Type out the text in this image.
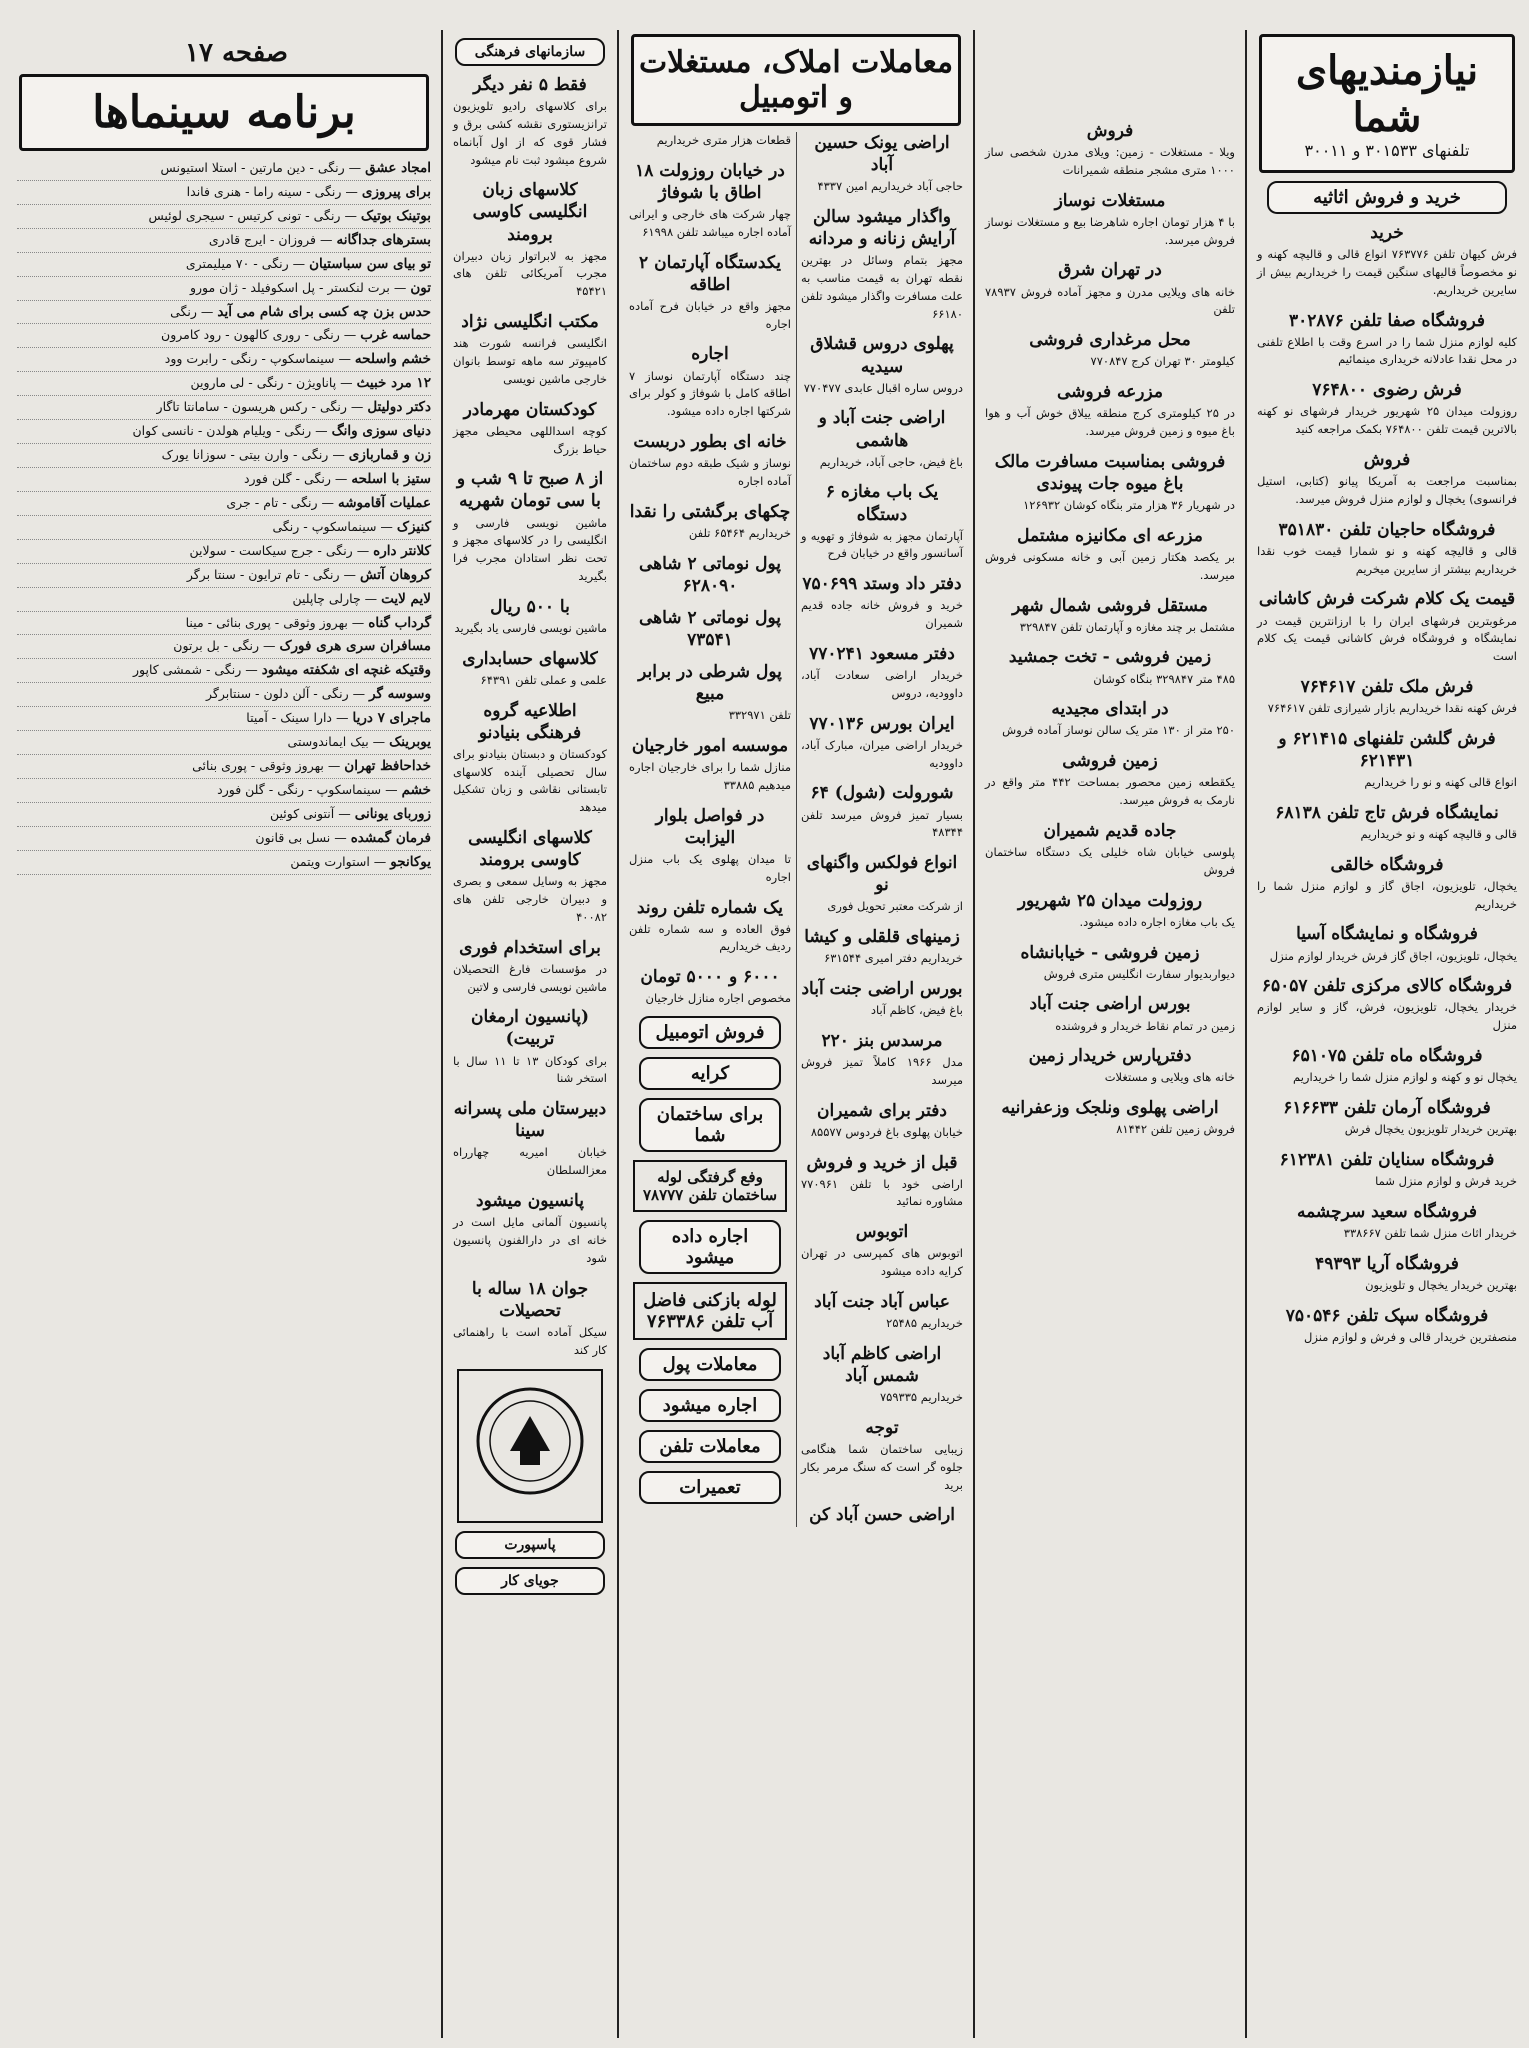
صفحه ۱۷	نیازمندیهای شما
تلفنهای ۳۰۱۵۳۳ و ۳۰۰۱۱
خرید و فروش اثاثیه
خرید

فرش کیهان تلفن ۷۶۳۷۷۶ انواع قالی و قالیچه کهنه و نو مخصوصاً قالیهای سنگین قیمت را خریداریم بیش از سایرین خریداریم.

فروشگاه صفا تلفن ۳۰۲۸۷۶

کلیه لوازم منزل شما را در اسرع وقت با اطلاع تلفنی در محل نقدا عادلانه خریداری مینمائیم

فرش رضوی ۷۶۴۸۰۰

روزولت میدان ۲۵ شهریور خریدار فرشهای نو کهنه بالاترین قیمت تلفن ۷۶۴۸۰۰ بکمک مراجعه کنید

فروش

بمناسبت مراجعت به آمریکا پیانو (کتابی، استیل فرانسوی) یخچال و لوازم منزل فروش میرسد.

فروشگاه حاجیان تلفن ۳۵۱۸۳۰

قالی و قالیچه کهنه و نو شمارا قیمت خوب نقدا خریداریم بیشتر از سایرین میخریم

قیمت یک کلام شرکت فرش کاشانی

مرغوبترین فرشهای ایران را با ارزانترین قیمت در نمایشگاه و فروشگاه فرش کاشانی قیمت یک کلام است

فرش ملک تلفن ۷۶۴۶۱۷

فرش کهنه نقدا خریداریم بازار شیرازی تلفن ۷۶۴۶۱۷

فرش گلشن تلفنهای ۶۲۱۴۱۵ و ۶۲۱۴۳۱

انواع قالی کهنه و نو را خریداریم

نمایشگاه فرش تاج تلفن ۶۸۱۳۸

قالی و قالیچه کهنه و نو خریداریم

فروشگاه خالقی

یخچال، تلویزیون، اجاق گاز و لوازم منزل شما را خریداریم

فروشگاه و نمایشگاه آسیا

یخچال، تلویزیون، اجاق گاز فرش خریدار لوازم منزل

فروشگاه کالای مرکزی تلفن ۶۵۰۵۷

خریدار یخچال، تلویزیون، فرش، گاز و سایر لوازم منزل

فروشگاه ماه تلفن ۶۵۱۰۷۵

یخچال نو و کهنه و لوازم منزل شما را خریداریم

فروشگاه آرمان تلفن ۶۱۶۶۳۳

بهترین خریدار تلویزیون یخچال فرش

فروشگاه سنایان تلفن ۶۱۲۳۸۱

خرید فرش و لوازم منزل شما

فروشگاه سعید سرچشمه

خریدار اثاث منزل شما تلفن ۳۳۸۶۶۷

فروشگاه آریا ۴۹۳۹۳

بهترین خریدار یخچال و تلویزیون

فروشگاه سپک تلفن ۷۵۰۵۴۶

منصفترین خریدار قالی و فرش و لوازم منزل

فروش

ویلا - مستغلات - زمین: ویلای مدرن شخصی ساز ۱۰۰۰ متری مشجر منطقه شمیرانات

مستغلات نوساز

با ۴ هزار تومان اجاره شاهرضا بیع و مستغلات نوساز فروش میرسد.

در تهران شرق

خانه های ویلایی مدرن و مجهز آماده فروش ۷۸۹۳۷ تلفن

محل مرغداری فروشی

کیلومتر ۳۰ تهران کرج ۷۷۰۸۴۷

مزرعه فروشی

در ۲۵ کیلومتری کرج منطقه ییلاق خوش آب و هوا باغ میوه و زمین فروش میرسد.

فروشی بمناسبت مسافرت مالک باغ میوه جات پیوندی

در شهریار ۳۶ هزار متر بنگاه کوشان ۱۲۶۹۳۲

مزرعه ای مکانیزه مشتمل

بر یکصد هکتار زمین آبی و خانه مسکونی فروش میرسد.

مستقل فروشی شمال شهر

مشتمل بر چند مغازه و آپارتمان تلفن ۳۲۹۸۴۷

زمین فروشی - تخت جمشید

۴۸۵ متر ۳۲۹۸۴۷ بنگاه کوشان

در ابتدای مجیدیه

۲۵۰ متر از ۱۳۰ متر یک سالن نوساز آماده فروش

زمین فروشی

یکقطعه زمین محصور بمساحت ۴۴۲ متر واقع در نارمک به فروش میرسد.

جاده قدیم شمیران

پلوسی خیابان شاه خلیلی یک دستگاه ساختمان فروش

روزولت میدان ۲۵ شهریور

یک باب مغازه اجاره داده میشود.

زمین فروشی - خیابانشاه

دیواربدیوار سفارت انگلیس متری فروش

بورس اراضی جنت آباد

زمین در تمام نقاط خریدار و فروشنده

دفترپارس خریدار زمین

خانه های ویلایی و مستغلات

اراضی پهلوی ونلجک وزعفرانیه

فروش زمین تلفن ۸۱۴۴۲

معاملات املاک، مستغلات و اتومبیل
اراضی یونک حسین آباد

حاجی آباد خریداریم امین ۴۳۳۷

واگذار میشود سالن آرایش زنانه و مردانه

مجهز بتمام وسائل در بهترین نقطه تهران به قیمت مناسب به علت مسافرت واگذار میشود تلفن ۶۶۱۸۰

پهلوی دروس قشلاق سیدیه

دروس ساره اقبال عابدی ۷۷۰۴۷۷

اراضی جنت آباد و هاشمی

باغ فیض، حاجی آباد، خریداریم

یک باب مغازه ۶ دستگاه

آپارتمان مجهز به شوفاژ و تهویه و آسانسور واقع در خیابان فرح

دفتر داد وستد ۷۵۰۶۹۹

خرید و فروش خانه جاده قدیم شمیران

دفتر مسعود ۷۷۰۲۴۱

خریدار اراضی سعادت آباد، داوودیه، دروس

ایران بورس ۷۷۰۱۳۶

خریدار اراضی میران، مبارک آباد، داوودیه

شورولت (شول) ۶۴

بسیار تمیز فروش میرسد تلفن ۴۸۳۴۴

انواع فولکس واگنهای نو

از شرکت معتبر تحویل فوری

زمینهای قلقلی و کیشا

خریداریم دفتر امیری ۶۳۱۵۴۴

بورس اراضی جنت آباد

باغ فیض، کاظم آباد

مرسدس بنز ۲۲۰

مدل ۱۹۶۶ کاملاً تمیز فروش میرسد

دفتر برای شمیران

خیابان پهلوی باغ فردوس ۸۵۵۷۷

قبل از خرید و فروش

اراضی خود با تلفن ۷۷۰۹۶۱ مشاوره نمائید

اتوبوس

اتوبوس های کمپرسی در تهران کرایه داده میشود

عباس آباد جنت آباد

خریداریم ۲۵۴۸۵

اراضی کاظم آباد شمس آباد

خریداریم ۷۵۹۳۳۵

توجه

زیبایی ساختمان شما هنگامی جلوه گر است که سنگ مرمر بکار برید

اراضی حسن آباد کن

قطعات هزار متری خریداریم

در خیابان روزولت ۱۸ اطاق با شوفاژ

چهار شرکت های خارجی و ایرانی آماده اجاره میباشد تلفن ۶۱۹۹۸

یکدستگاه آپارتمان ۲ اطاقه

مجهز واقع در خیابان فرح آماده اجاره

اجاره

چند دستگاه آپارتمان نوساز ۷ اطاقه کامل با شوفاژ و کولر برای شرکتها اجاره داده میشود.

خانه ای بطور دربست

نوساز و شیک طبقه دوم ساختمان آماده اجاره

چکهای برگشتی را نقدا

خریداریم ۶۵۴۶۴ تلفن

پول نوماتی ۲ شاهی ۶۲۸۰۹۰
پول نوماتی ۲ شاهی ۷۳۵۴۱
پول شرطی در برابر مبیع

تلفن ۳۳۲۹۷۱

موسسه امور خارجیان

منازل شما را برای خارجیان اجاره میدهیم ۳۳۸۸۵

در فواصل بلوار الیزابت

تا میدان پهلوی یک باب منزل اجاره

یک شماره تلفن روند

فوق العاده و سه شماره تلفن ردیف خریداریم

۶۰۰۰ و ۵۰۰۰ تومان

مخصوص اجاره منازل خارجیان

فروش اتومبیل
کرایه
برای ساختمان شما
وفع گرفتگی لوله ساختمان تلفن ۷۸۷۷۷
اجاره داده میشود
لوله بازکنی فاضل آب تلفن ۷۶۳۳۸۶
معاملات پول
اجاره میشود
معاملات تلفن
تعمیرات
سازمانهای فرهنگی
فقط ۵ نفر دیگر

برای کلاسهای رادیو تلویزیون ترانزیستوری نقشه کشی برق و فشار قوی که از اول آبانماه شروع میشود ثبت نام میشود

کلاسهای زبان انگلیسی کاوسی برومند

مجهز به لابراتوار زبان دبیران مجرب آمریکائی تلفن های ۴۵۴۲۱

مکتب انگلیسی نژاد

انگلیسی فرانسه شورت هند کامپیوتر سه ماهه توسط بانوان خارجی ماشین نویسی

کودکستان مهرمادر

کوچه اسداللهی محیطی مجهز حیاط بزرگ

از ۸ صبح تا ۹ شب و با سی تومان شهریه

ماشین نویسی فارسی و انگلیسی را در کلاسهای مجهز و تحت نظر استادان مجرب فرا بگیرید

با ۵۰۰ ریال

ماشین نویسی فارسی یاد بگیرید

کلاسهای حسابداری

علمی و عملی تلفن ۶۴۳۹۱

اطلاعیه گروه فرهنگی بنیادنو

کودکستان و دبستان بنیادنو برای سال تحصیلی آینده کلاسهای تابستانی نقاشی و زبان تشکیل میدهد

کلاسهای انگلیسی کاوسی برومند

مجهز به وسایل سمعی و بصری و دبیران خارجی تلفن های ۴۰۰۸۲

برای استخدام فوری

در مؤسسات فارغ التحصیلان ماشین نویسی فارسی و لاتین

(پانسیون ارمغان تربیت)

برای کودکان ۱۳ تا ۱۱ سال با استخر شنا

دبیرستان ملی پسرانه سینا

خیابان امیریه چهارراه معزالسلطان

پانسیون میشود

پانسیون آلمانی مایل است در خانه ای در دارالفنون پانسیون شود

جوان ۱۸ ساله با تحصیلات

سیکل آماده است با راهنمائی کار کند

پاسپورت
جویای کار
برنامه سینماها
امجاد عشق — رنگی - دین مارتین - استلا استیونس
برای پیروزی — رنگی - سینه راما - هنری فاندا
بوتینک بوتیک — رنگی - تونی کرتیس - سیجری لوئیس
بسترهای جداگانه — فروزان - ایرج قادری
تو بیای سن سباستیان — رنگی - ۷۰ میلیمتری
تون — برت لنکستر - پل اسکوفیلد - ژان مورو
حدس بزن چه کسی برای شام می آید — رنگی
حماسه غرب — رنگی - روری کالهون - رود کامرون
خشم واسلحه — سینماسکوپ - رنگی - رابرت وود
۱۲ مرد خبیث — پاناویژن - رنگی - لی ماروین
دکتر دولیتل — رنگی - رکس هریسون - سامانتا تاگار
دنیای سوزی وانگ — رنگی - ویلیام هولدن - نانسی کوان
زن و قماربازی — رنگی - وارن بیتی - سوزانا یورک
ستیز با اسلحه — رنگی - گلن فورد
عملیات آقاموشه — رنگی - تام - جری
کنیزک — سینماسکوپ - رنگی
کلانتر داره — رنگی - جرج سیکاست - سولاین
کروهان آتش — رنگی - تام ترایون - سنتا برگر
لایم لایت — چارلی چاپلین
گرداب گناه — بهروز وثوقی - پوری بنائی - مینا
مسافران سری هری فورک — رنگی - بل برتون
وقتیکه غنچه ای شکفته میشود — رنگی - شمشی کاپور
وسوسه گر — رنگی - آلن دلون - سنتابرگر
ماجرای ۷ دریا — دارا سینک - آمیتا
یوبرینک — بیک ایماندوستی
خداحافظ تهران — بهروز وثوقی - پوری بنائی
خشم — سینماسکوپ - رنگی - گلن فورد
زوربای یونانی — آنتونی کوئین
فرمان گمشده — نسل بی قانون
یوکانجو — استوارت ویتمن
